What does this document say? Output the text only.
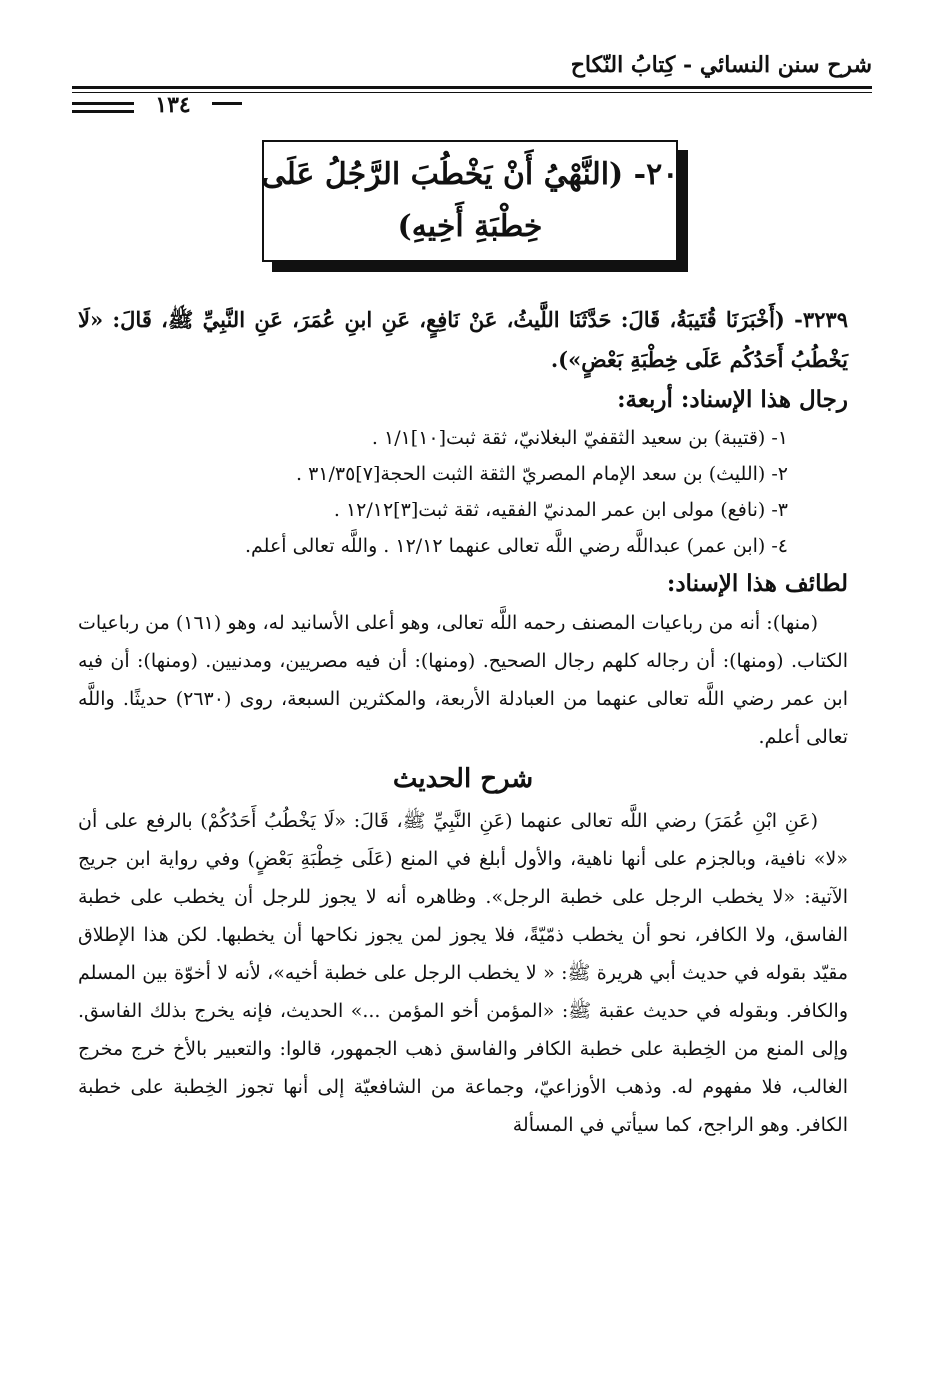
شرح سنن النسائي - كِتابُ النّكاح
١٣٤
٢٠- (النَّهْيُ أَنْ يَخْطُبَ الرَّجُلُ عَلَى
خِطْبَةِ أَخِيهِ)

٣٢٣٩- (أَخْبَرَنَا قُتَيبَةُ، قَالَ: حَدَّثَنَا اللَّيثُ، عَنْ نَافِعٍ، عَنِ ابنِ عُمَرَ، عَنِ النَّبِيِّ ﷺ، قَالَ: «لَا يَخْطُبُ أَحَدُكُم عَلَى خِطْبَةِ بَعْضٍ»).

رجال هذا الإسناد: أربعة:

١- (قتيبة) بن سعيد الثقفيّ البغلانيّ، ثقة ثبت[١٠]١/١ .
٢- (الليث) بن سعد الإمام المصريّ الثقة الثبت الحجة[٧]٣١/٣٥ .
٣- (نافع) مولى ابن عمر المدنيّ الفقيه، ثقة ثبت[٣]١٢/١٢ .
٤- (ابن عمر) عبداللَّه رضي اللَّه تعالى عنهما ١٢/١٢ . واللَّه تعالى أعلم.

لطائف هذا الإسناد:

(منها): أنه من رباعيات المصنف رحمه اللَّه تعالى، وهو أعلى الأسانيد له، وهو (١٦١) من رباعيات الكتاب. (ومنها): أن رجاله كلهم رجال الصحيح. (ومنها): أن فيه مصريين، ومدنيين. (ومنها): أن فيه ابن عمر رضي اللَّه تعالى عنهما من العبادلة الأربعة، والمكثرين السبعة، روى (٢٦٣٠) حديثًا. واللَّه تعالى أعلم.

شرح الحديث

(عَنِ ابْنِ عُمَرَ) رضي اللَّه تعالى عنهما (عَنِ النَّبِيِّ ﷺ، قَالَ: «لَا يَخْطُبُ أَحَدُكُمْ) بالرفع على أن «لا» نافية، وبالجزم على أنها ناهية، والأول أبلغ في المنع (عَلَى خِطْبَةِ بَعْضٍ) وفي رواية ابن جريج الآتية: «لا يخطب الرجل على خطبة الرجل». وظاهره أنه لا يجوز للرجل أن يخطب على خطبة الفاسق، ولا الكافر، نحو أن يخطب ذمّيّةً، فلا يجوز لمن يجوز نكاحها أن يخطبها. لكن هذا الإطلاق مقيّد بقوله في حديث أبي هريرة ﷺ: « لا يخطب الرجل على خطبة أخيه»، لأنه لا أخوّة بين المسلم والكافر. وبقوله في حديث عقبة ﷺ: «المؤمن أخو المؤمن ...» الحديث، فإنه يخرج بذلك الفاسق. وإلى المنع من الخِطبة على خطبة الكافر والفاسق ذهب الجمهور، قالوا: والتعبير بالأخ خرج مخرج الغالب، فلا مفهوم له. وذهب الأوزاعيّ، وجماعة من الشافعيّة إلى أنها تجوز الخِطبة على خطبة الكافر. وهو الراجح، كما سيأتي في المسألة
